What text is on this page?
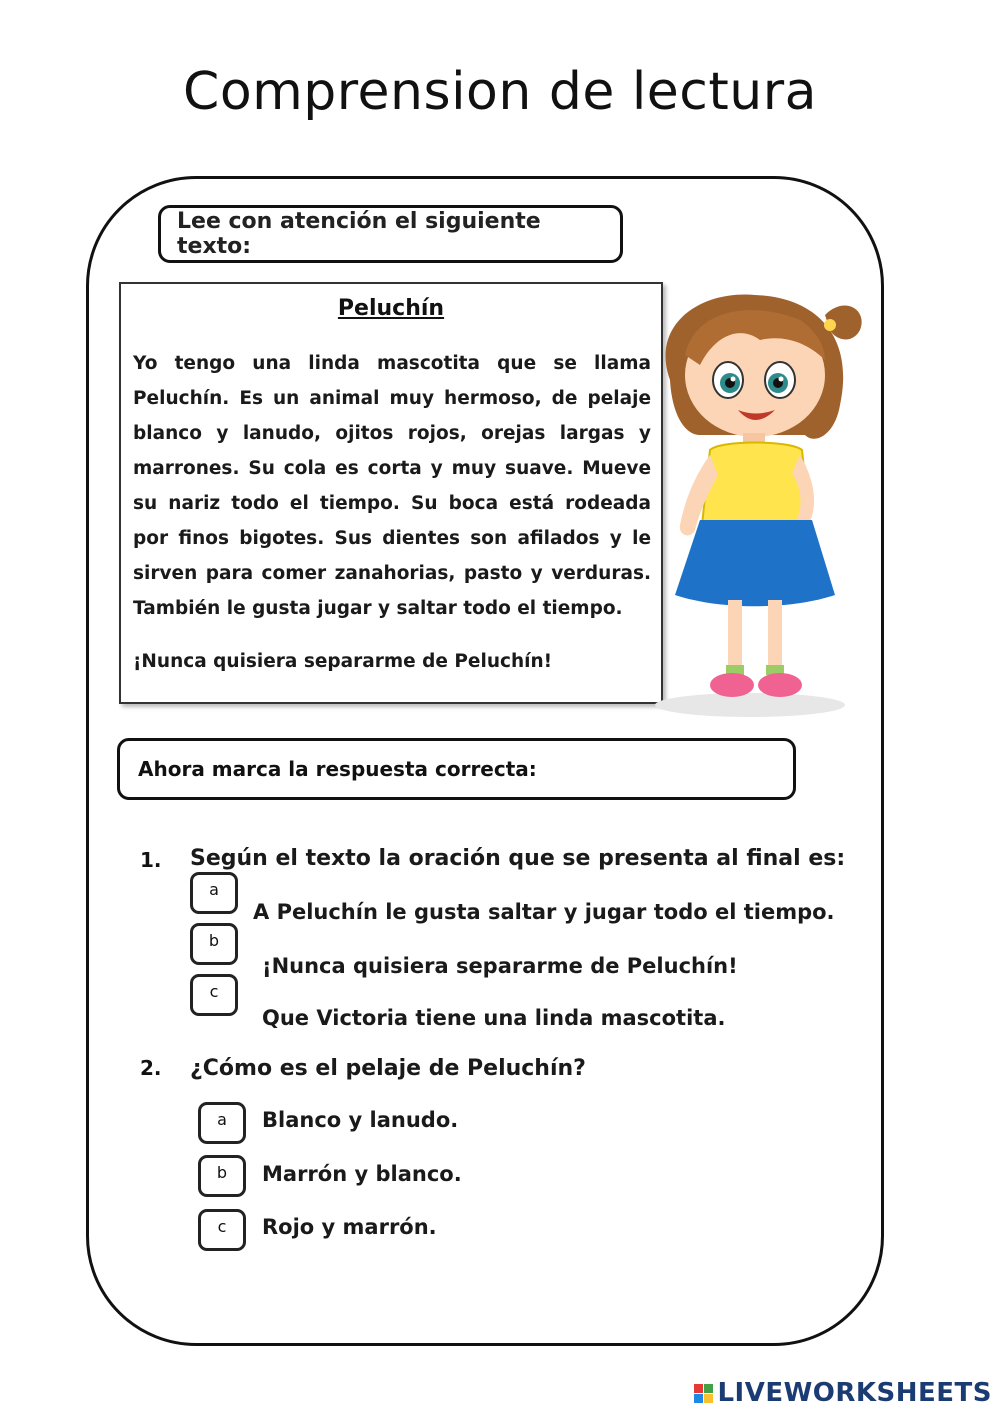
Comprension de lectura
Lee con atención el siguiente texto:
Peluchín

Yo tengo una linda mascotita que se llama Peluchín. Es un animal muy hermoso, de pelaje blanco y lanudo, ojitos rojos, orejas largas y marrones. Su cola es corta y muy suave. Mueve su nariz todo el tiempo. Su boca está rodeada por finos bigotes. Sus dientes son afilados y le sirven para comer zanahorias, pasto y verduras. También le gusta jugar y saltar todo el tiempo.

¡Nunca quisiera separarme de Peluchín!

Ahora marca la respuesta correcta:
1. Según el texto la oración que se presenta al final es:
a
A Peluchín le gusta saltar y jugar todo el tiempo.
b
¡Nunca quisiera separarme de Peluchín!
c
Que Victoria tiene una linda mascotita.
2. ¿Cómo es el pelaje de Peluchín?
a	Blanco y lanudo.
b	Marrón y blanco.
c	Rojo y marrón.
LIVEWORKSHEETS
